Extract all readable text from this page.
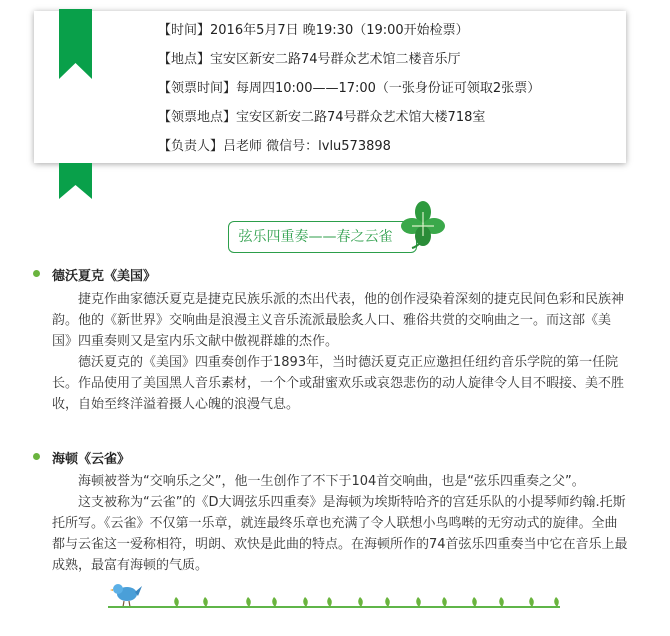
【时间】2016年5月7日 晚19:30（19:00开始检票）
【地点】宝安区新安二路74号群众艺术馆二楼音乐厅
【领票时间】每周四10:00——17:00（一张身份证可领取2张票）
【领票地点】宝安区新安二路74号群众艺术馆大楼718室
【负责人】吕老师 微信号：lvlu573898
弦乐四重奏——春之云雀
德沃夏克《美国》

捷克作曲家德沃夏克是捷克民族乐派的杰出代表，他的创作浸染着深刻的捷克民间色彩和民族神韵。他的《新世界》交响曲是浪漫主义音乐流派最脍炙人口、雅俗共赏的交响曲之一。而这部《美国》四重奏则又是室内乐文献中傲视群雄的杰作。

德沃夏克的《美国》四重奏创作于1893年，当时德沃夏克正应邀担任纽约音乐学院的第一任院长。作品使用了美国黑人音乐素材，一个个或甜蜜欢乐或哀怨悲伤的动人旋律令人目不暇接、美不胜收，自始至终洋溢着摄人心魄的浪漫气息。

海顿《云雀》

海顿被誉为“交响乐之父”，他一生创作了不下于104首交响曲，也是“弦乐四重奏之父”。

这支被称为“云雀”的《D大调弦乐四重奏》是海顿为埃斯特哈齐的宫廷乐队的小提琴师约翰.托斯托所写。《云雀》不仅第一乐章，就连最终乐章也充满了令人联想小鸟鸣啭的无穷动式的旋律。全曲都与云雀这一爱称相符，明朗、欢快是此曲的特点。在海顿所作的74首弦乐四重奏当中它在音乐上最成熟，最富有海顿的气质。
